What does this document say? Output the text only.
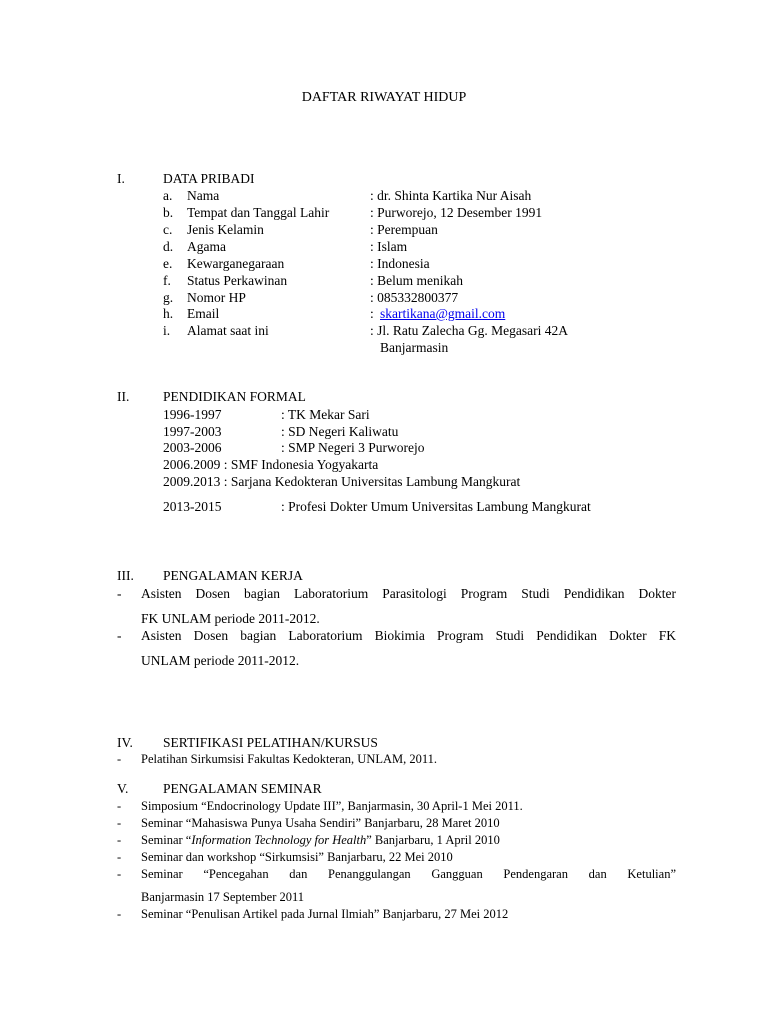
DAFTAR RIWAYAT HIDUP
I.	DATA PRIBADI
a. Nama	: dr. Shinta Kartika Nur Aisah
b. Tempat dan Tanggal Lahir	: Purworejo, 12 Desember 1991
c. Jenis Kelamin	: Perempuan
d. Agama	: Islam
e. Kewarganegaraan	: Indonesia
f. Status Perkawinan	: Belum menikah
g. Nomor HP	: 085332800377
h. Email	: skartikana@gmail.com
i. Alamat saat ini	: Jl. Ratu Zalecha Gg. Megasari 42A
Banjarmasin
II. PENDIDIKAN FORMAL
1996-1997	: TK Mekar Sari
1997-2003	: SD Negeri Kaliwatu
2003-2006	: SMP Negeri 3 Purworejo
2006.2009 : SMF Indonesia Yogyakarta
2009.2013 : Sarjana Kedokteran Universitas Lambung Mangkurat
2013-2015	: Profesi Dokter Umum Universitas Lambung Mangkurat
III. PENGALAMAN KERJA
- Asisten Dosen bagian Laboratorium Parasitologi Program Studi Pendidikan Dokter
FK UNLAM periode 2011-2012.
- Asisten Dosen bagian Laboratorium Biokimia Program Studi Pendidikan Dokter FK
UNLAM periode 2011-2012.
IV. SERTIFIKASI PELATIHAN/KURSUS
- Pelatihan Sirkumsisi Fakultas Kedokteran, UNLAM, 2011.
V.	PENGALAMAN SEMINAR
- Simposium “Endocrinology Update III”, Banjarmasin, 30 April-1 Mei 2011.
- Seminar “Mahasiswa Punya Usaha Sendiri” Banjarbaru, 28 Maret 2010
- Seminar “Information Technology for Health” Banjarbaru, 1 April 2010
- Seminar dan workshop “Sirkumsisi” Banjarbaru, 22 Mei 2010
- Seminar “Pencegahan dan Penanggulangan Gangguan Pendengaran dan Ketulian”
Banjarmasin 17 September 2011
- Seminar “Penulisan Artikel pada Jurnal Ilmiah” Banjarbaru, 27 Mei 2012
